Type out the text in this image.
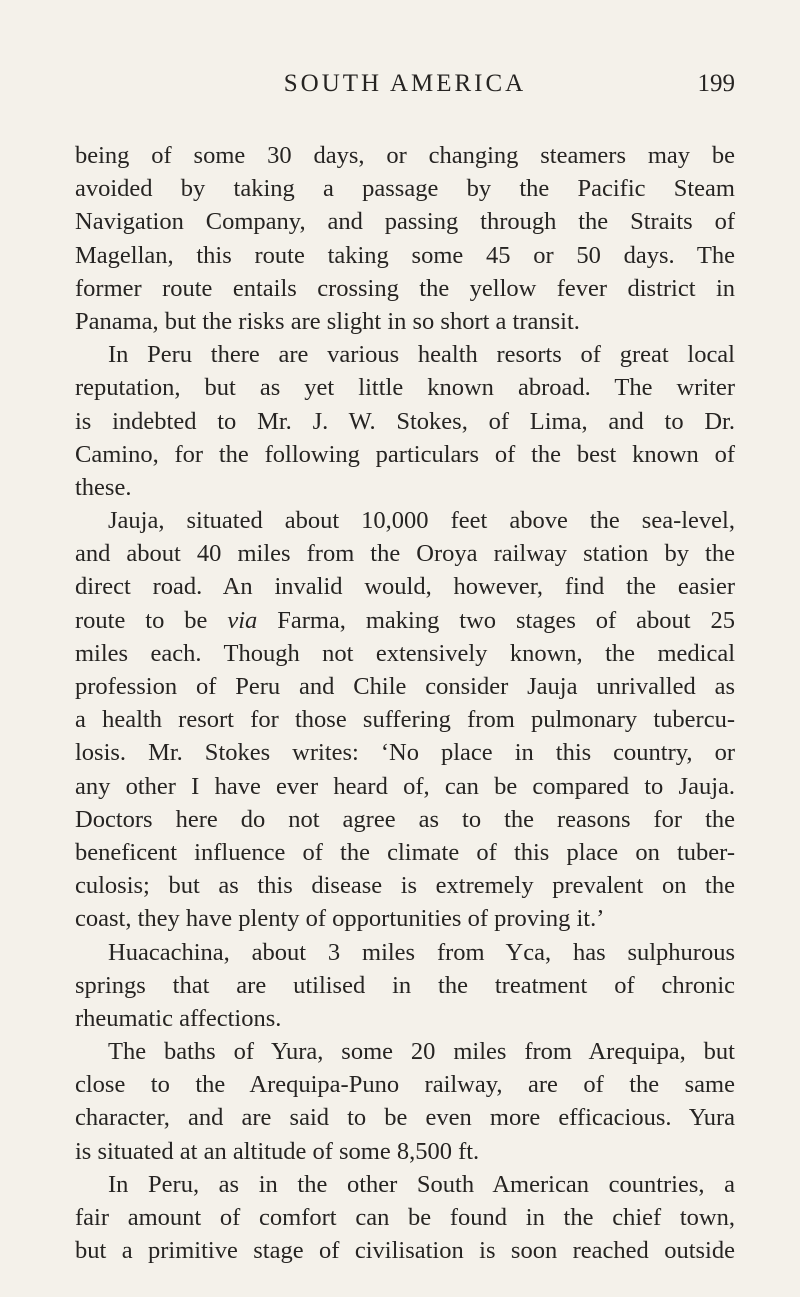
SOUTH AMERICA	199
being of some 30 days, or changing steamers may be
avoided by taking a passage by the Pacific Steam
Navigation Company, and passing through the Straits of
Magellan, this route taking some 45 or 50 days. The
former route entails crossing the yellow fever district in
Panama, but the risks are slight in so short a transit.
In Peru there are various health resorts of great local
reputation, but as yet little known abroad. The writer
is indebted to Mr. J. W. Stokes, of Lima, and to Dr.
Camino, for the following particulars of the best known of
these.
Jauja, situated about 10,000 feet above the sea-level,
and about 40 miles from the Oroya railway station by the
direct road. An invalid would, however, find the easier
route to be via Farma, making two stages of about 25
miles each. Though not extensively known, the medical
profession of Peru and Chile consider Jauja unrivalled as
a health resort for those suffering from pulmonary tubercu-
losis. Mr. Stokes writes: ‘No place in this country, or
any other I have ever heard of, can be compared to Jauja.
Doctors here do not agree as to the reasons for the
beneficent influence of the climate of this place on tuber-
culosis; but as this disease is extremely prevalent on the
coast, they have plenty of opportunities of proving it.’
Huacachina, about 3 miles from Yca, has sulphurous
springs that are utilised in the treatment of chronic
rheumatic affections.
The baths of Yura, some 20 miles from Arequipa, but
close to the Arequipa-Puno railway, are of the same
character, and are said to be even more efficacious. Yura
is situated at an altitude of some 8,500 ft.
In Peru, as in the other South American countries, a
fair amount of comfort can be found in the chief town,
but a primitive stage of civilisation is soon reached outside
